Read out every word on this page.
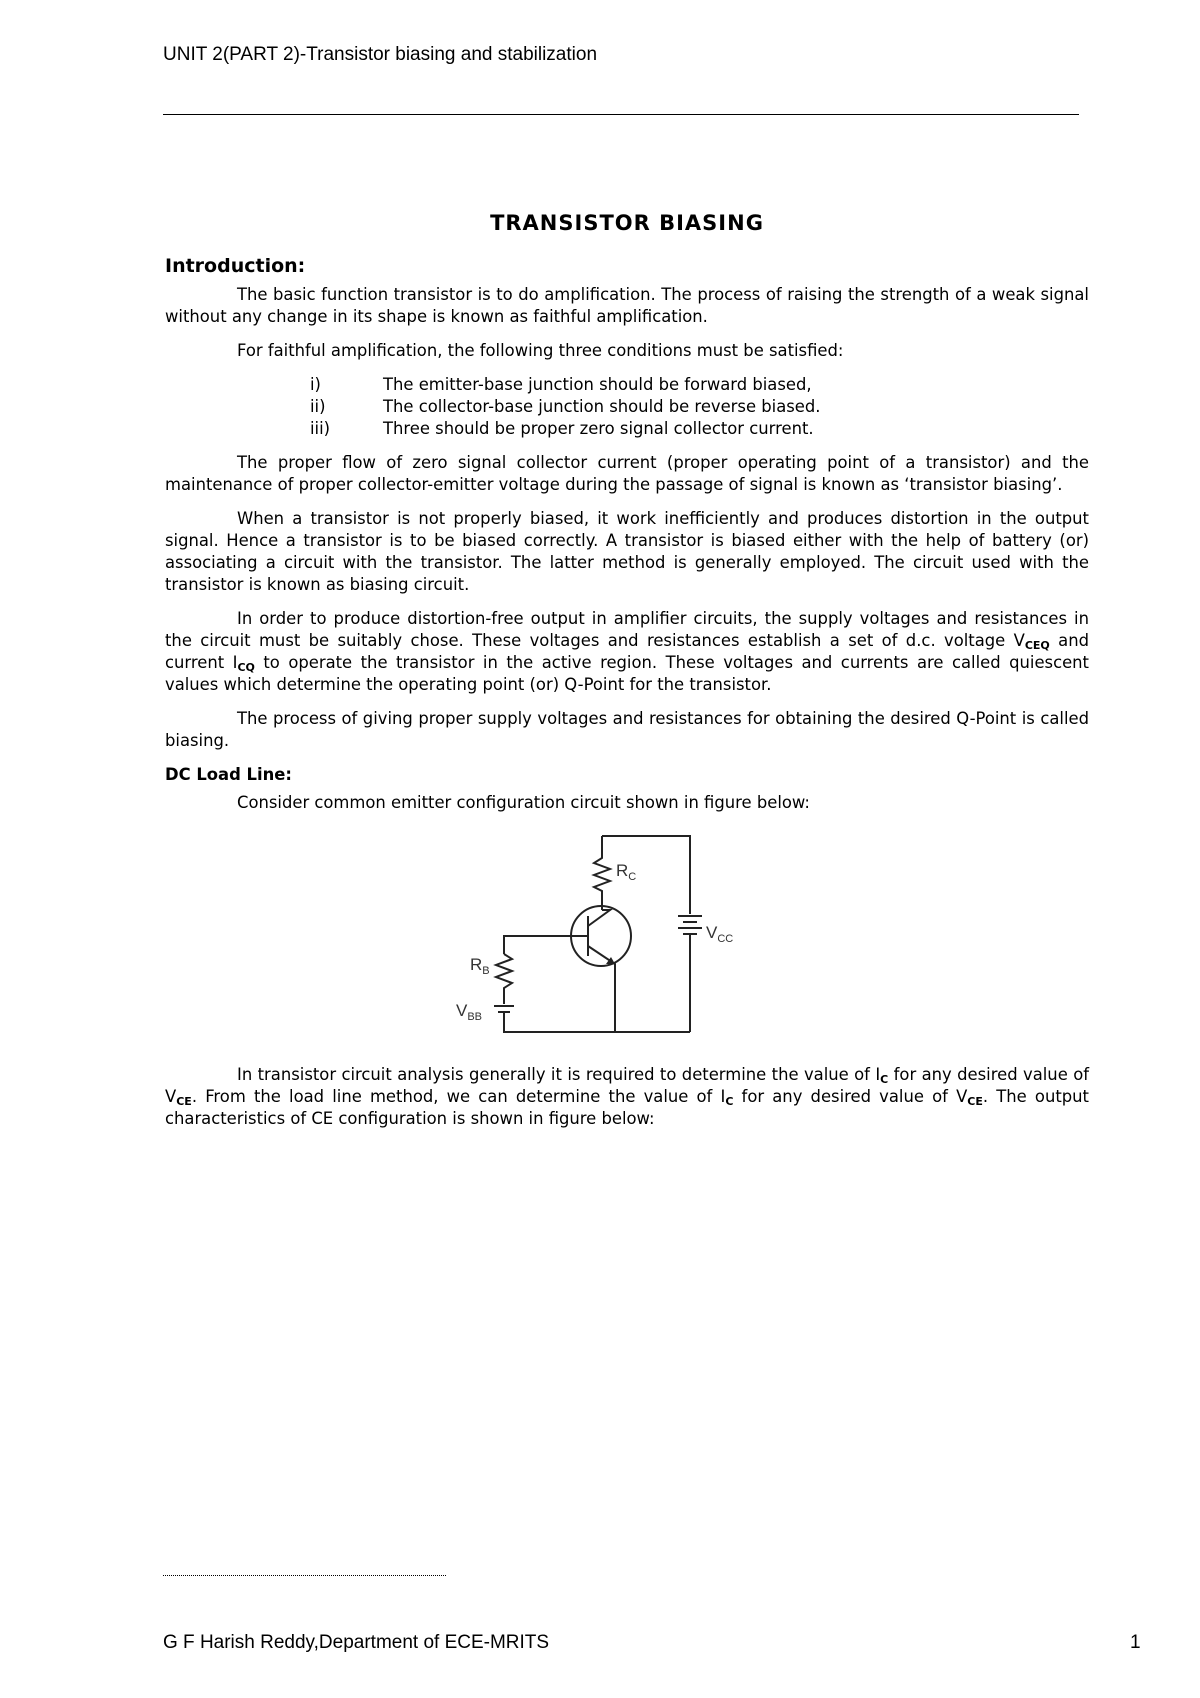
UNIT 2(PART 2)-Transistor biasing and stabilization
TRANSISTOR BIASING
Introduction:

The basic function transistor is to do amplification. The process of raising the strength of a weak signal without any change in its shape is known as faithful amplification.

For faithful amplification, the following three conditions must be satisfied:

i)	The emitter-base junction should be forward biased,
ii)	The collector-base junction should be reverse biased.
iii)	Three should be proper zero signal collector current.

The proper flow of zero signal collector current (proper operating point of a transistor) and the maintenance of proper collector-emitter voltage during the passage of signal is known as ‘transistor biasing’.

When a transistor is not properly biased, it work inefficiently and produces distortion in the output signal. Hence a transistor is to be biased correctly. A transistor is biased either with the help of battery (or) associating a circuit with the transistor. The latter method is generally employed. The circuit used with the transistor is known as biasing circuit.

In order to produce distortion-free output in amplifier circuits, the supply voltages and resistances in the circuit must be suitably chose. These voltages and resistances establish a set of d.c. voltage $V_{CEQ}$ and current $I_{CQ}$ to operate the transistor in the active region. These voltages and currents are called quiescent values which determine the operating point (or) Q-Point for the transistor.

The process of giving proper supply voltages and resistances for obtaining the desired Q-Point is called biasing.

DC Load Line:

Consider common emitter configuration circuit shown in figure below:

$R_C$
$V_{CC}$
$R_B$
$V_{BB}$

In transistor circuit analysis generally it is required to determine the value of $I_C$ for any desired value of $V_{CE}$. From the load line method, we can determine the value of $I_C$ for any desired value of $V_{CE}$. The output characteristics of CE configuration is shown in figure below:

G F Harish Reddy,Department of ECE-MRITS	1
